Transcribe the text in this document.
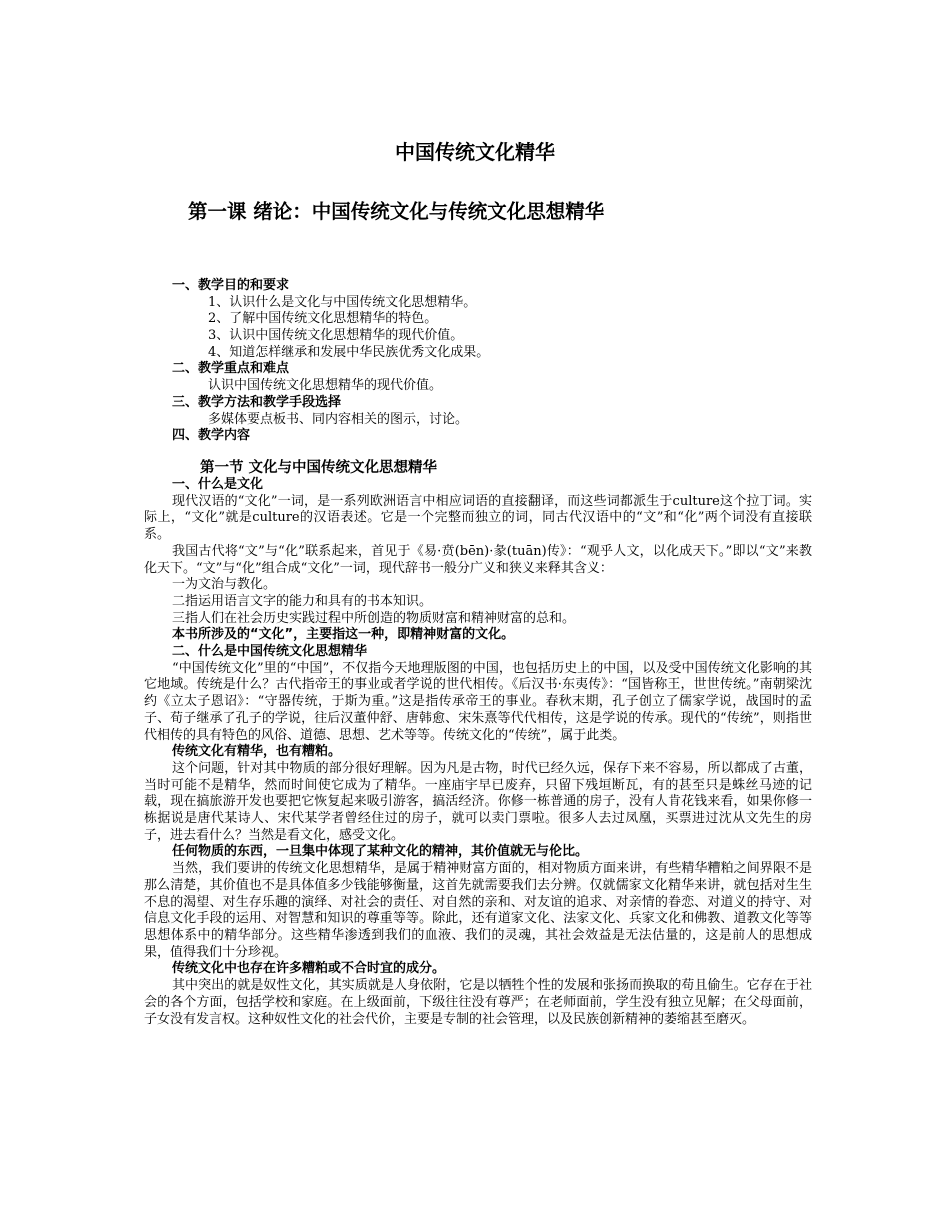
中国传统文化精华
第一课 绪论：中国传统文化与传统文化思想精华
一、教学目的和要求
1、认识什么是文化与中国传统文化思想精华。
2、了解中国传统文化思想精华的特色。
3、认识中国传统文化思想精华的现代价值。
4、知道怎样继承和发展中华民族优秀文化成果。
二、教学重点和难点
认识中国传统文化思想精华的现代价值。
三、教学方法和教学手段选择
多媒体要点板书、同内容相关的图示，讨论。
四、教学内容
第一节 文化与中国传统文化思想精华
一、什么是文化
现代汉语的“文化”一词，是一系列欧洲语言中相应词语的直接翻译，而这些词都派生于culture这个拉丁词。实际上，“文化”就是culture的汉语表述。它是一个完整而独立的词，同古代汉语中的“文”和“化”两个词没有直接联系。
我国古代将“文”与“化”联系起来，首见于《易·贲(bēn)·彖(tuān)传》：“观乎人文，以化成天下。”即以“文”来教化天下。“文”与“化”组合成“文化”一词，现代辞书一般分广义和狭义来释其含义：
一为文治与教化。
二指运用语言文字的能力和具有的书本知识。
三指人们在社会历史实践过程中所创造的物质财富和精神财富的总和。
本书所涉及的“文化”，主要指这一种，即精神财富的文化。
二、什么是中国传统文化思想精华
“中国传统文化”里的“中国”，不仅指今天地理版图的中国，也包括历史上的中国，以及受中国传统文化影响的其它地域。传统是什么？古代指帝王的事业或者学说的世代相传。《后汉书·东夷传》：“国皆称王，世世传统。”南朝梁沈约《立太子恩诏》：“守器传统，于斯为重。”这是指传承帝王的事业。春秋末期，孔子创立了儒家学说，战国时的孟子、荀子继承了孔子的学说，往后汉董仲舒、唐韩愈、宋朱熹等代代相传，这是学说的传承。现代的“传统”，则指世代相传的具有特色的风俗、道德、思想、艺术等等。传统文化的“传统”，属于此类。
传统文化有精华，也有糟粕。
这个问题，针对其中物质的部分很好理解。因为凡是古物，时代已经久远，保存下来不容易，所以都成了古董，当时可能不是精华，然而时间使它成为了精华。一座庙宇早已废弃，只留下残垣断瓦，有的甚至只是蛛丝马迹的记载，现在搞旅游开发也要把它恢复起来吸引游客，搞活经济。你修一栋普通的房子，没有人肯花钱来看，如果你修一栋据说是唐代某诗人、宋代某学者曾经住过的房子，就可以卖门票啦。很多人去过凤凰，买票进过沈从文先生的房子，进去看什么？当然是看文化，感受文化。
任何物质的东西，一旦集中体现了某种文化的精神，其价值就无与伦比。
当然，我们要讲的传统文化思想精华，是属于精神财富方面的，相对物质方面来讲，有些精华糟粕之间界限不是那么清楚，其价值也不是具体值多少钱能够衡量，这首先就需要我们去分辨。仅就儒家文化精华来讲，就包括对生生不息的渴望、对生存乐趣的演绎、对社会的责任、对自然的亲和、对友谊的追求、对亲情的眷恋、对道义的持守、对信息文化手段的运用、对智慧和知识的尊重等等。除此，还有道家文化、法家文化、兵家文化和佛教、道教文化等等思想体系中的精华部分。这些精华渗透到我们的血液、我们的灵魂，其社会效益是无法估量的，这是前人的思想成果，值得我们十分珍视。
传统文化中也存在许多糟粕或不合时宜的成分。
其中突出的就是奴性文化，其实质就是人身依附，它是以牺牲个性的发展和张扬而换取的苟且偷生。它存在于社会的各个方面，包括学校和家庭。在上级面前，下级往往没有尊严；在老师面前，学生没有独立见解；在父母面前，子女没有发言权。这种奴性文化的社会代价，主要是专制的社会管理，以及民族创新精神的萎缩甚至磨灭。
